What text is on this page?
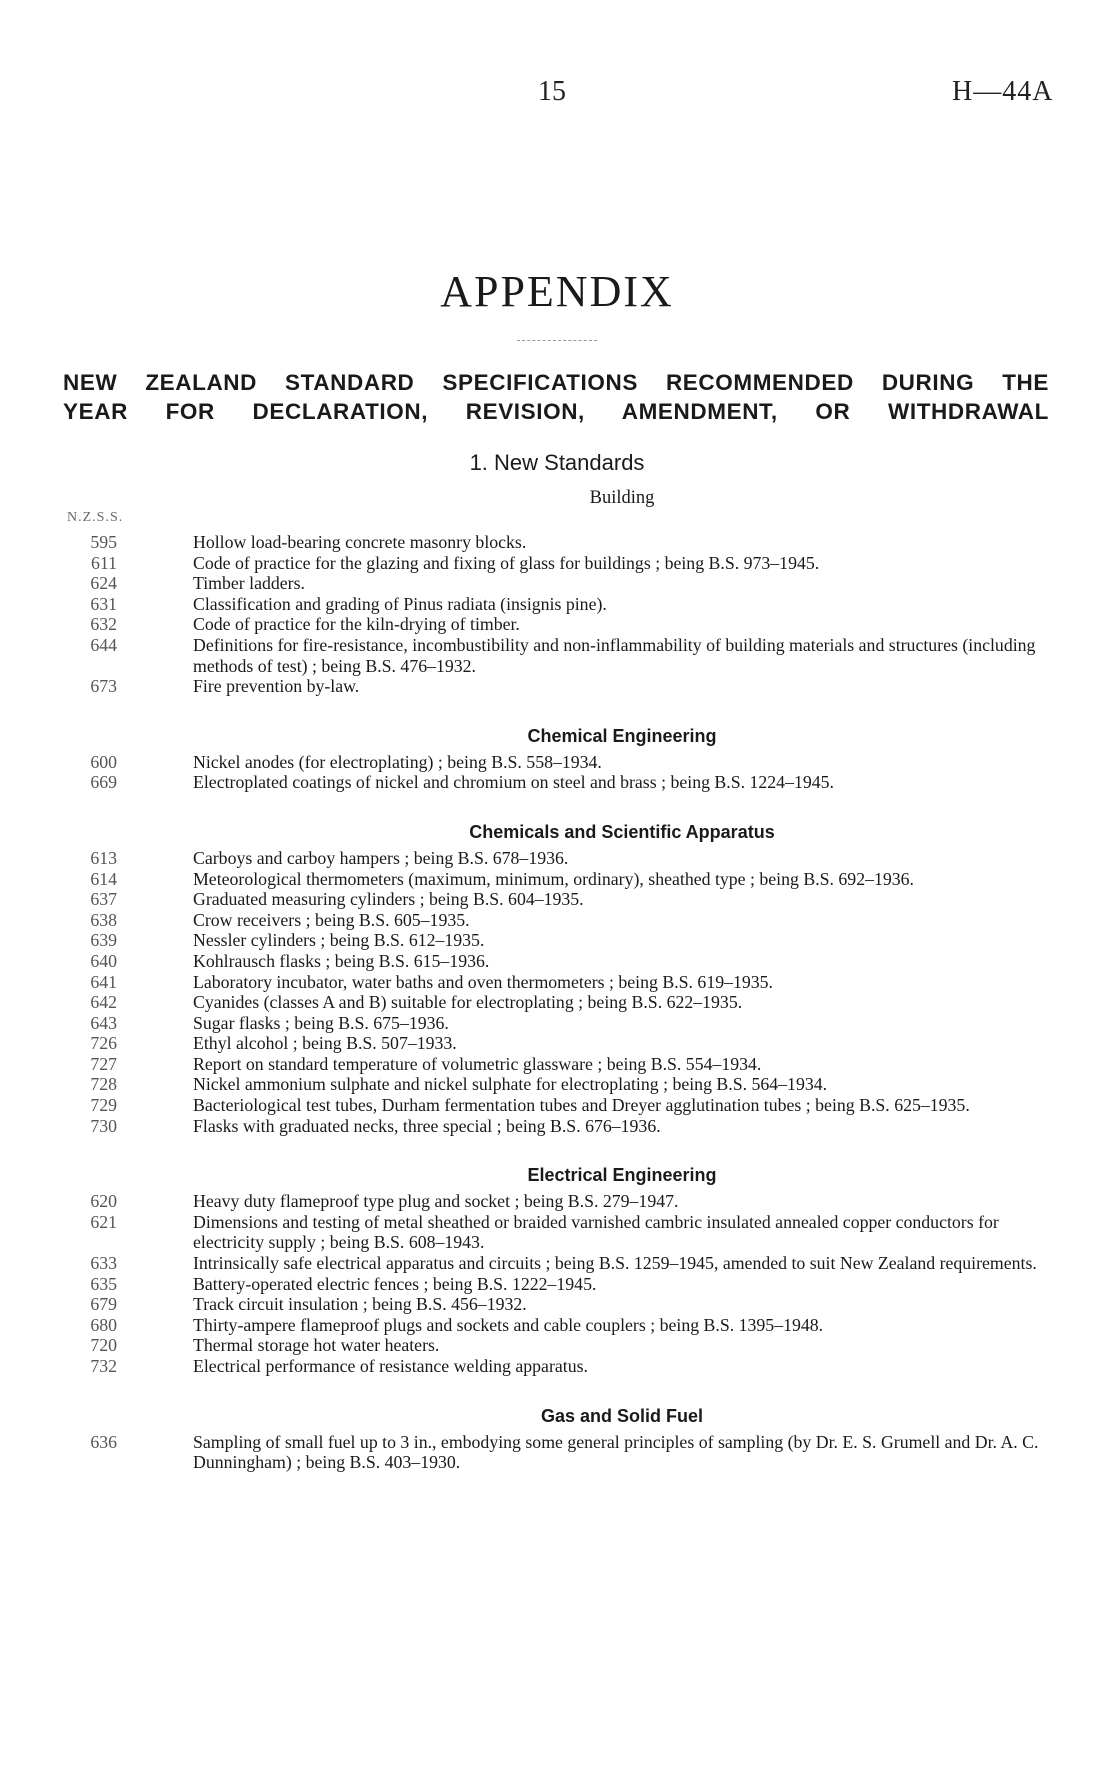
15	H—44A
APPENDIX
NEW ZEALAND STANDARD SPECIFICATIONS RECOMMENDED DURING THE
YEAR FOR DECLARATION, REVISION, AMENDMENT, OR WITHDRAWAL
1. New Standards
Building
N.Z.S.S.
595	Hollow load-bearing concrete masonry blocks.
611	Code of practice for the glazing and fixing of glass for buildings ; being B.S. 973–1945.
624	Timber ladders.
631	Classification and grading of Pinus radiata (insignis pine).
632	Code of practice for the kiln-drying of timber.
644	Definitions for fire-resistance, incombustibility and non-inflammability of building materials and structures (including methods of test) ; being B.S. 476–1932.
673	Fire prevention by-law.
Chemical Engineering
600	Nickel anodes (for electroplating) ; being B.S. 558–1934.
669	Electroplated coatings of nickel and chromium on steel and brass ; being B.S. 1224–1945.
Chemicals and Scientific Apparatus
613	Carboys and carboy hampers ; being B.S. 678–1936.
614	Meteorological thermometers (maximum, minimum, ordinary), sheathed type ; being B.S. 692–1936.
637	Graduated measuring cylinders ; being B.S. 604–1935.
638	Crow receivers ; being B.S. 605–1935.
639	Nessler cylinders ; being B.S. 612–1935.
640	Kohlrausch flasks ; being B.S. 615–1936.
641	Laboratory incubator, water baths and oven thermometers ; being B.S. 619–1935.
642	Cyanides (classes A and B) suitable for electroplating ; being B.S. 622–1935.
643	Sugar flasks ; being B.S. 675–1936.
726	Ethyl alcohol ; being B.S. 507–1933.
727	Report on standard temperature of volumetric glassware ; being B.S. 554–1934.
728	Nickel ammonium sulphate and nickel sulphate for electroplating ; being B.S. 564–1934.
729	Bacteriological test tubes, Durham fermentation tubes and Dreyer agglutination tubes ; being B.S. 625–1935.
730	Flasks with graduated necks, three special ; being B.S. 676–1936.
Electrical Engineering
620	Heavy duty flameproof type plug and socket ; being B.S. 279–1947.
621	Dimensions and testing of metal sheathed or braided varnished cambric insulated annealed copper conductors for electricity supply ; being B.S. 608–1943.
633	Intrinsically safe electrical apparatus and circuits ; being B.S. 1259–1945, amended to suit New Zealand requirements.
635	Battery-operated electric fences ; being B.S. 1222–1945.
679	Track circuit insulation ; being B.S. 456–1932.
680	Thirty-ampere flameproof plugs and sockets and cable couplers ; being B.S. 1395–1948.
720	Thermal storage hot water heaters.
732	Electrical performance of resistance welding apparatus.
Gas and Solid Fuel
636	Sampling of small fuel up to 3 in., embodying some general principles of sampling (by Dr. E. S. Grumell and Dr. A. C. Dunningham) ; being B.S. 403–1930.
